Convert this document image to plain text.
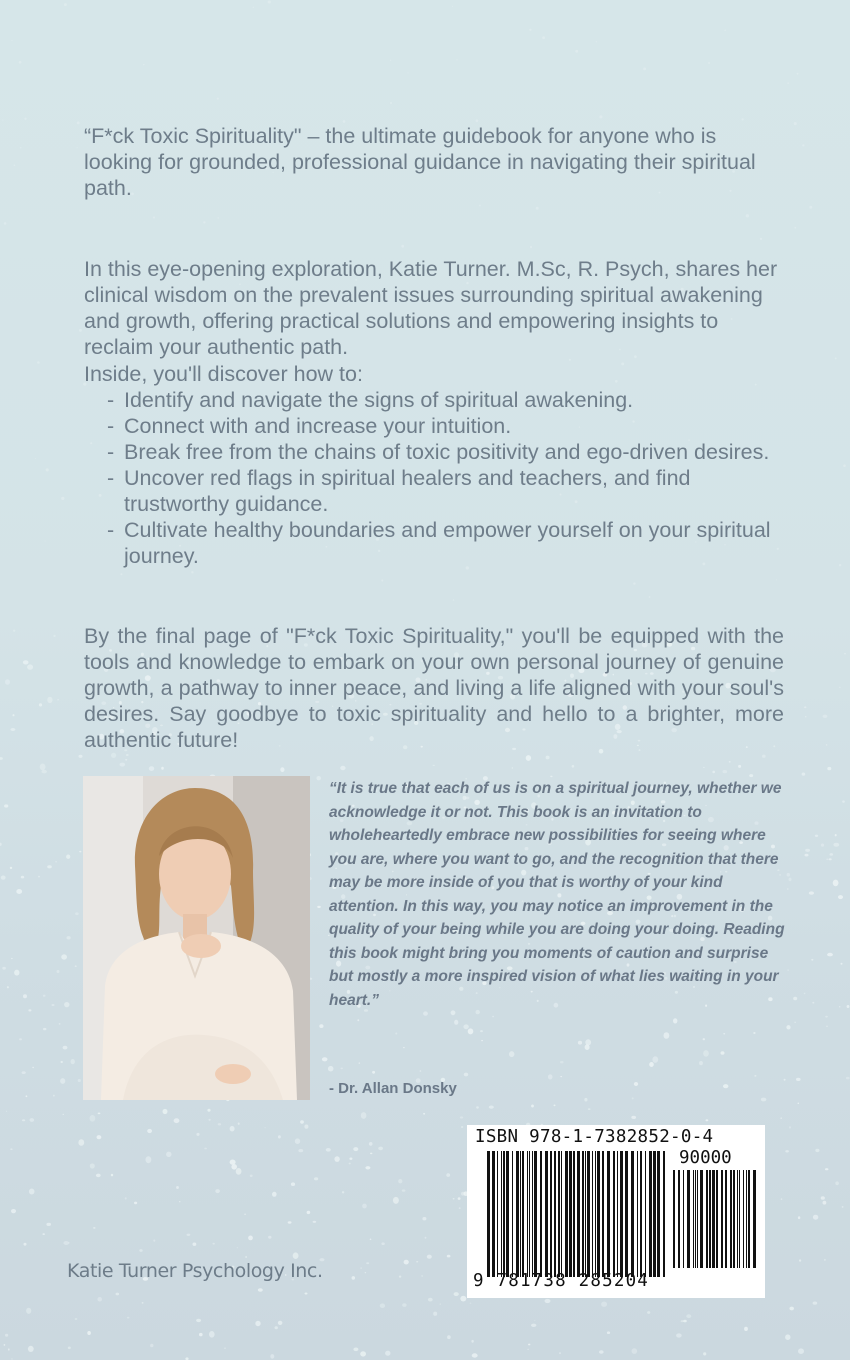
“F*ck Toxic Spirituality" – the ultimate guidebook for anyone who is looking for grounded, professional guidance in navigating their spiritual path.

In this eye-opening exploration, Katie Turner. M.Sc, R. Psych, shares her clinical wisdom on the prevalent issues surrounding spiritual awakening and growth, offering practical solutions and empowering insights to reclaim your authentic path.

Inside, you'll discover how to:

- Identify and navigate the signs of spiritual awakening.
- Connect with and increase your intuition.
- Break free from the chains of toxic positivity and ego-driven desires.
- Uncover red flags in spiritual healers and teachers, and find trustworthy guidance.
- Cultivate healthy boundaries and empower yourself on your spiritual journey.

By the final page of "F*ck Toxic Spirituality," you'll be equipped with the tools and knowledge to embark on your own personal journey of genuine growth, a pathway to inner peace, and living a life aligned with your soul's desires. Say goodbye to toxic spirituality and hello to a brighter, more authentic future!

“It is true that each of us is on a spiritual journey, whether we acknowledge it or not. This book is an invitation to wholeheartedly embrace new possibilities for seeing where you are, where you want to go, and the recognition that there may be more inside of you that is worthy of your kind attention. In this way, you may notice an improvement in the quality of your being while you are doing your doing. Reading this book might bring you moments of caution and surprise but mostly a more inspired vision of what lies waiting in your heart.”

- Dr. Allan Donsky

Katie Turner Psychology Inc.

ISBN 978-1-7382852-0-4

90000

9 781738 285204
